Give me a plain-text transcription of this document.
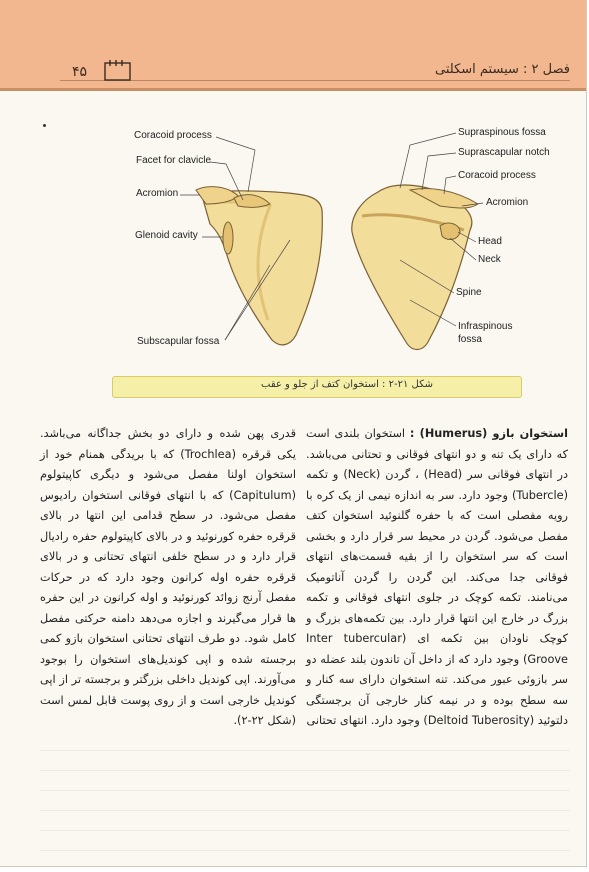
۴۵	فصل ۲ : سیستم اسکلتی
Coracoid process
Facet for clavicle
Acromion
Glenoid cavity
Subscapular fossa
Supraspinous fossa
Suprascapular notch
Coracoid process
Acromion
Head
Neck
Spine
Infraspinous
fossa
شکل ۲۱-۲ : استخوان کتف از جلو و عقب

استخوان بازو (Humerus) : استخوان بلندی است که دارای یک تنه و دو انتهای فوقانی و تحتانی می‌باشد. در انتهای فوقانی سر (Head) ، گردن (Neck) و تکمه (Tubercle) وجود دارد. سر به اندازه نیمی از یک کره با رویه مفصلی است که با حفره گلنوئید استخوان کتف مفصل می‌شود. گردن در محیط سر قرار دارد و بخشی است که سر استخوان را از بقیه قسمت‌های انتهای فوقانی جدا می‌کند. این گردن را گردن آناتومیک می‌نامند. تکمه کوچک در جلوی انتهای فوقانی و تکمه بزرگ در خارج این انتها قرار دارد. بین تکمه‌های بزرگ و کوچک ناودان بین تکمه ای (Inter tubercular Groove) وجود دارد که از داخل آن تاندون بلند عضله دو سر بازوئی عبور می‌کند. تنه استخوان دارای سه کنار و سه سطح بوده و در نیمه کنار خارجی آن برجستگی دلتوئید (Deltoid Tuberosity) وجود دارد. انتهای تحتانی

قدری پهن شده و دارای دو بخش جداگانه می‌باشد. یکی قرقره (Trochlea) که با بریدگی همنام خود از استخوان اولنا مفصل می‌شود و دیگری کاپیتولوم (Capitulum) که با انتهای فوقانی استخوان رادیوس مفصل می‌شود. در سطح قدامی این انتها در بالای قرقره حفره کورنوئید و در بالای کاپیتولوم حفره رادیال قرار دارد و در سطح خلفی انتهای تحتانی و در بالای قرقره حفره اوله کرانون وجود دارد که در حرکات مفصل آرنج زوائد کورنوئید و اوله کرانون در این حفره ها قرار می‌گیرند و اجازه می‌دهد دامنه حرکتی مفصل کامل شود. دو طرف انتهای تحتانی استخوان بازو کمی برجسته شده و اپی کوندیل‌های استخوان را بوجود می‌آورند. اپی کوندیل داخلی بزرگتر و برجسته تر از اپی کوندیل خارجی است و از روی پوست قابل لمس است (شکل ۲۲-۲).
